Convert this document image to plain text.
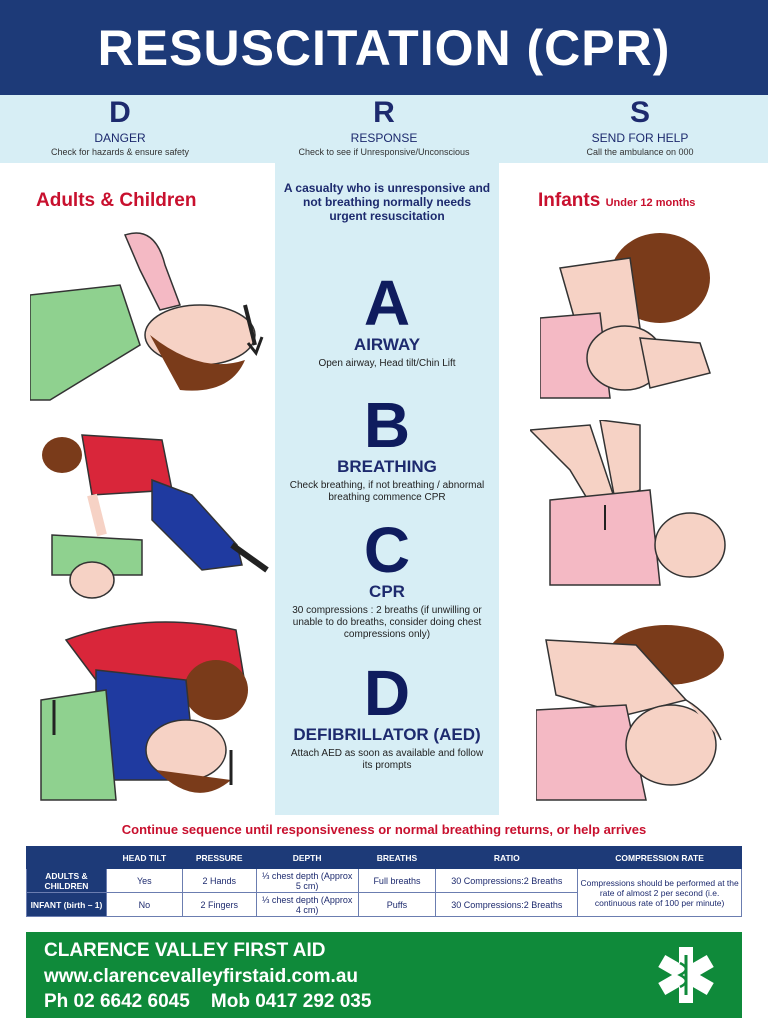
RESUSCITATION (CPR)
D
DANGER
Check for hazards & ensure safety
R
RESPONSE
Check to see if Unresponsive/Unconscious
S
SEND FOR HELP
Call the ambulance on 000
Adults & Children	Infants Under 12 months
A casualty who is unresponsive and not breathing normally needs urgent resuscitation
A
AIRWAY
Open airway, Head tilt/Chin Lift
B
BREATHING
Check breathing, if not breathing / abnormal breathing commence CPR
C
CPR
30 compressions : 2 breaths (if unwilling or unable to do breaths, consider doing chest compressions only)
D
DEFIBRILLATOR (AED)
Attach AED as soon as available and follow its prompts
Continue sequence until responsiveness or normal breathing returns, or help arrives
	HEAD TILT	PRESSURE	DEPTH	BREATHS	RATIO	COMPRESSION RATE
ADULTS & CHILDREN	Yes	2 Hands	⅓ chest depth (Approx 5 cm)	Full breaths	30 Compressions:2 Breaths	Compressions should be performed at the rate of almost 2 per second (i.e. continuous rate of 100 per minute)
INFANT (birth – 1)	No	2 Fingers	⅓ chest depth (Approx 4 cm)	Puffs	30 Compressions:2 Breaths	
CLARENCE VALLEY FIRST AID
www.clarencevalleyfirstaid.com.au
Ph 02 6642 6045    Mob 0417 292 035
